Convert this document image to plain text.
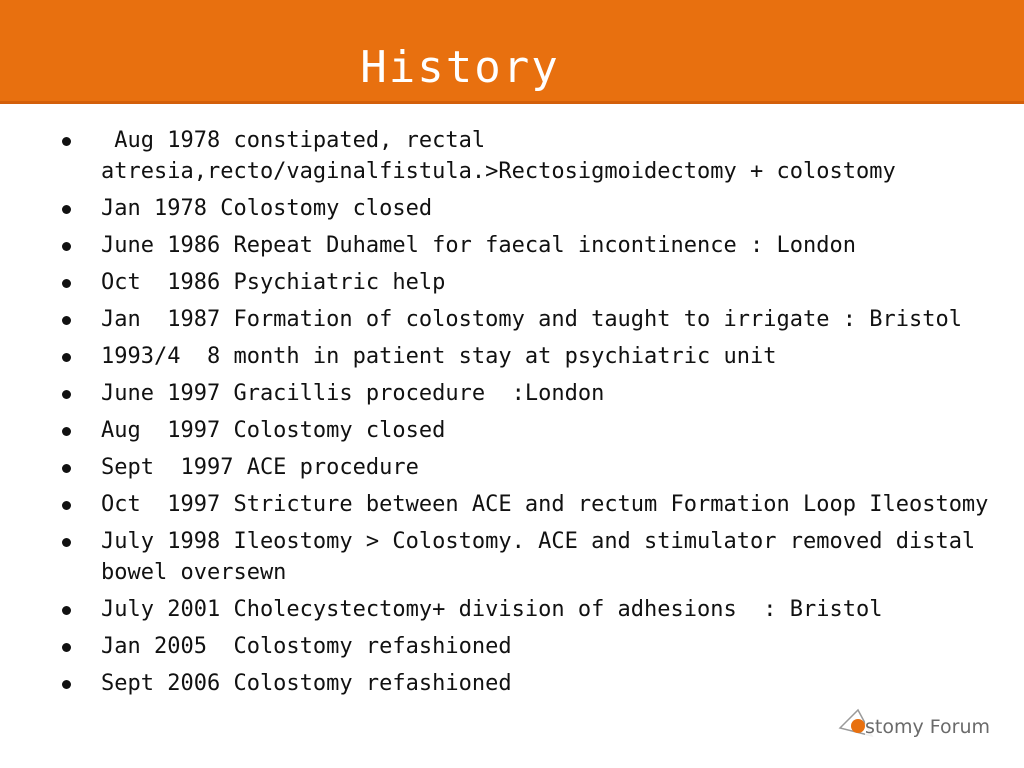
History
Aug 1978 constipated, rectal atresia,recto/vaginalfistula.>Rectosigmoidectomy + colostomy
Jan 1978 Colostomy closed
June 1986 Repeat Duhamel for faecal incontinence : London
Oct  1986 Psychiatric help
Jan  1987 Formation of colostomy and taught to irrigate : Bristol
1993/4  8 month in patient stay at psychiatric unit
June 1997 Gracillis procedure  :London
Aug  1997 Colostomy closed
Sept  1997 ACE procedure
Oct  1997 Stricture between ACE and rectum Formation Loop Ileostomy
July 1998 Ileostomy > Colostomy. ACE and stimulator removed distal bowel oversewn
July 2001 Cholecystectomy+ division of adhesions  : Bristol
Jan 2005  Colostomy refashioned
Sept 2006 Colostomy refashioned
stomy Forum
